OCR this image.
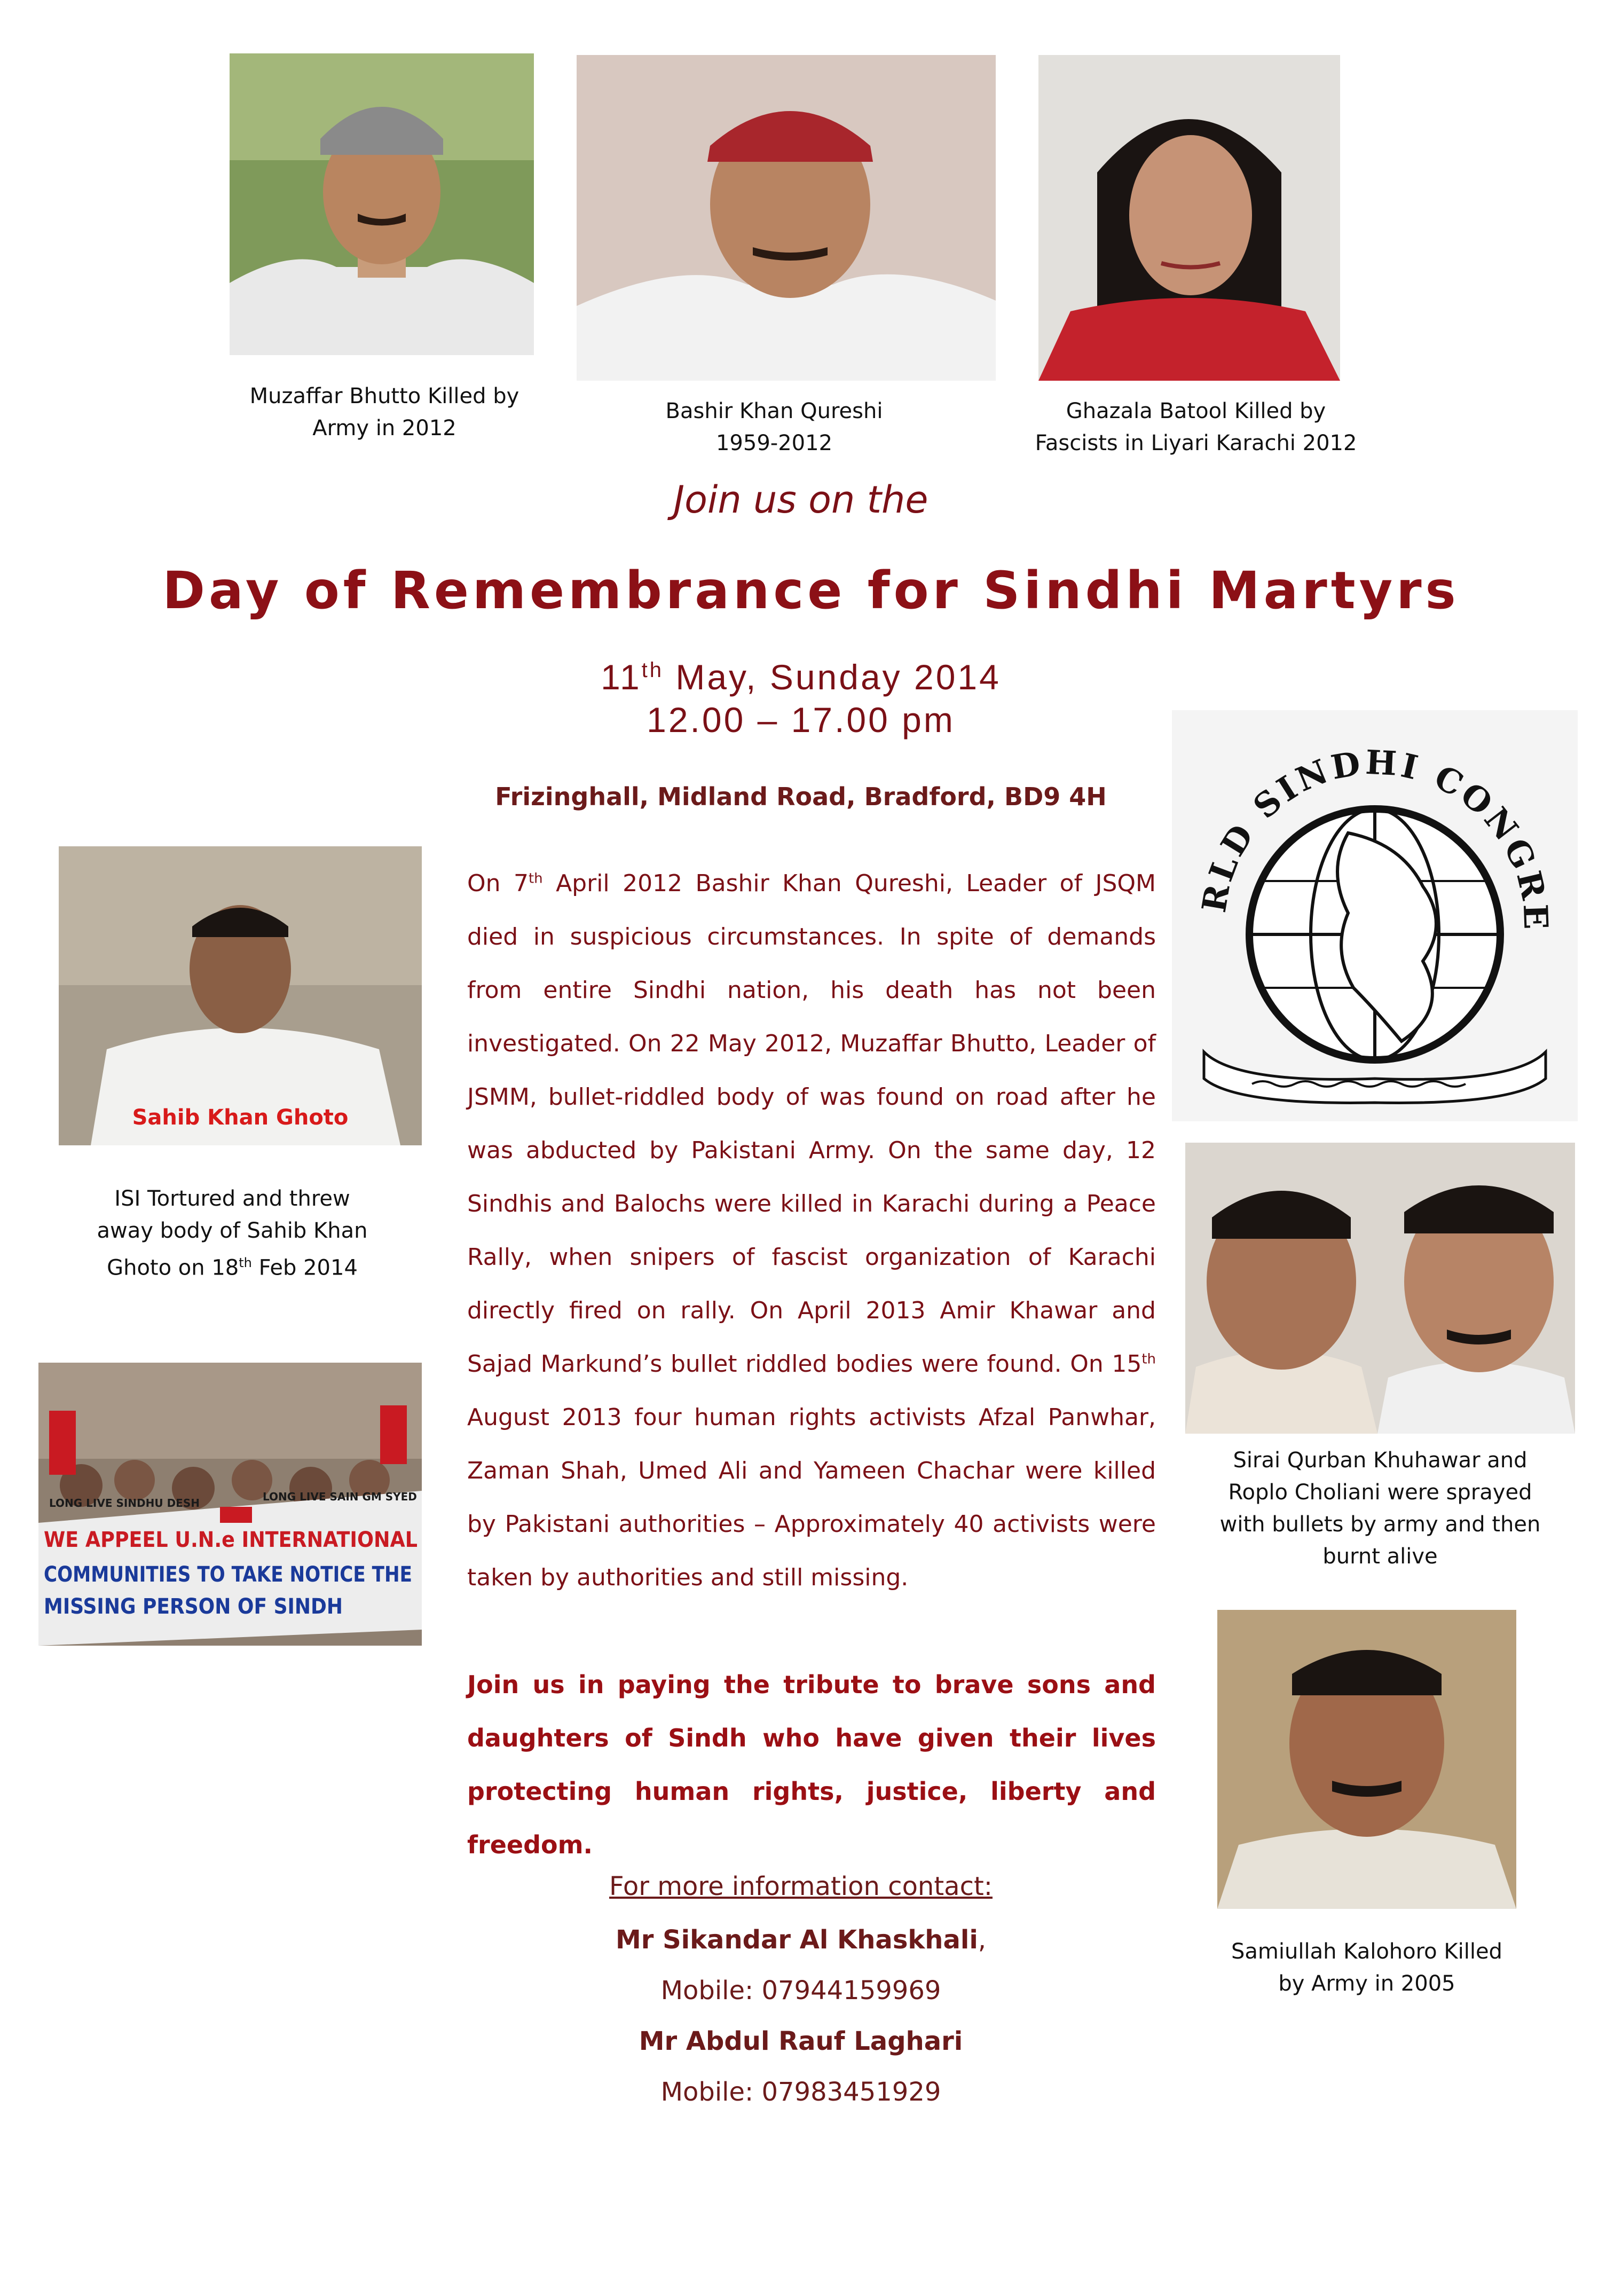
Muzaffar Bhutto Killed by
Army in 2012
Bashir Khan Qureshi
1959-2012
Ghazala Batool Killed by
Fascists in Liyari Karachi 2012
Join us on the
Day of Remembrance for Sindhi Martyrs
11th May, Sunday 2014
12.00 – 17.00 pm
Frizinghall, Midland Road, Bradford, BD9 4H
RLD SINDHI CONGRE
Sahib Khan Ghoto
ISI Tortured and threw
away body of Sahib Khan
Ghoto on 18th Feb 2014
LONG LIVE SINDHU DESH	LONG LIVE SAIN GM SYED
WE APPEEL U.N.e INTERNATIONAL
COMMUNITIES TO TAKE NOTICE THE
MISSING PERSON OF SINDH
On 7th April 2012 Bashir Khan Qureshi, Leader of JSQM died in suspicious circumstances. In spite of demands from entire Sindhi nation, his death has not been investigated. On 22 May 2012, Muzaffar Bhutto, Leader of JSMM, bullet-riddled body of was found on road after he was abducted by Pakistani Army. On the same day, 12 Sindhis and Balochs were killed in Karachi during a Peace Rally, when snipers of fascist organization of Karachi directly fired on rally. On April 2013 Amir Khawar and Sajad Markund’s bullet riddled bodies were found. On 15th August 2013 four human rights activists Afzal Panwhar, Zaman Shah, Umed Ali and Yameen Chachar were killed by Pakistani authorities – Approximately 40 activists were taken by authorities and still missing.
Join us in paying the tribute to brave sons and daughters of Sindh who have given their lives protecting human rights, justice, liberty and freedom.
For more information contact:
Mr Sikandar Al Khaskhali,
Mobile: 07944159969
Mr Abdul Rauf Laghari
Mobile: 07983451929
Sirai Qurban Khuhawar and
Roplo Choliani were sprayed
with bullets by army and then
burnt alive
Samiullah Kalohoro Killed
by Army in 2005
